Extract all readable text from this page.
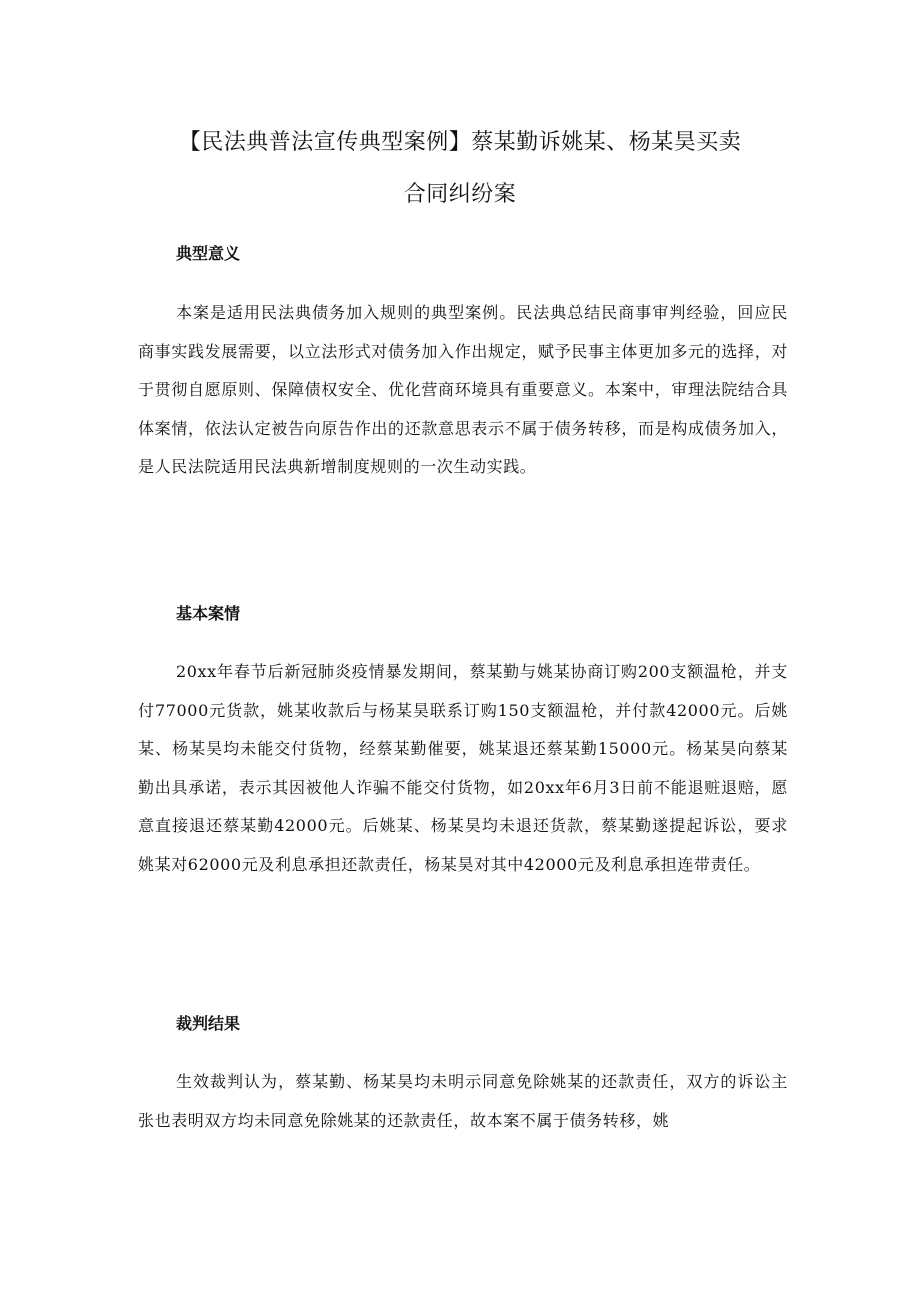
【民法典普法宣传典型案例】蔡某勤诉姚某、杨某昊买卖
合同纠纷案
典型意义

本案是适用民法典债务加入规则的典型案例。民法典总结民商事审判经验，回应民商事实践发展需要，以立法形式对债务加入作出规定，赋予民事主体更加多元的选择，对于贯彻自愿原则、保障债权安全、优化营商环境具有重要意义。本案中，审理法院结合具体案情，依法认定被告向原告作出的还款意思表示不属于债务转移，而是构成债务加入，是人民法院适用民法典新增制度规则的一次生动实践。

基本案情

20xx年春节后新冠肺炎疫情暴发期间，蔡某勤与姚某协商订购200支额温枪，并支付77000元货款，姚某收款后与杨某昊联系订购150支额温枪，并付款42000元。后姚某、杨某昊均未能交付货物，经蔡某勤催要，姚某退还蔡某勤15000元。杨某昊向蔡某勤出具承诺，表示其因被他人诈骗不能交付货物，如20xx年6月3日前不能退赃退赔，愿意直接退还蔡某勤42000元。后姚某、杨某昊均未退还货款，蔡某勤遂提起诉讼，要求姚某对62000元及利息承担还款责任，杨某昊对其中42000元及利息承担连带责任。

裁判结果

生效裁判认为，蔡某勤、杨某昊均未明示同意免除姚某的还款责任，双方的诉讼主张也表明双方均未同意免除姚某的还款责任，故本案不属于债务转移，姚
